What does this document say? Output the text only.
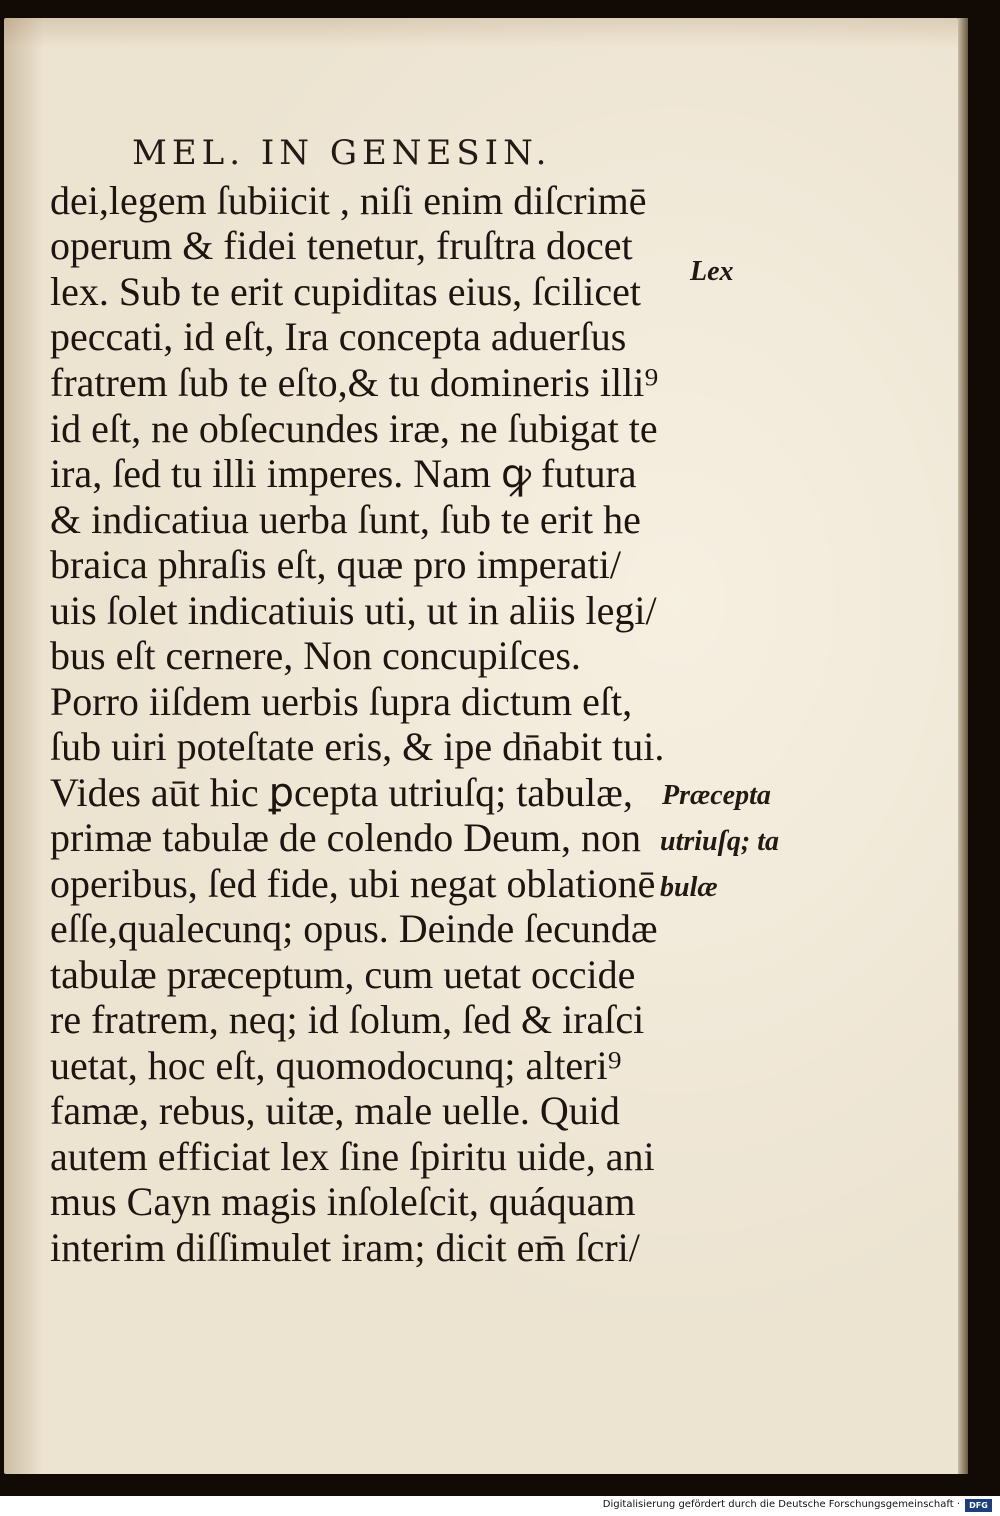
MEL. IN GENESIN.
dei,legem ſubiicit , niſi enim diſcrimē
operum & fidei tenetur, fruſtra docet
lex. Sub te erit cupiditas eius, ſcilicet
peccati, id eſt, Ira concepta aduerſus
fratrem ſub te eſto,& tu domineris illi⁹
id eſt, ne obſecundes iræ, ne ſubigat te
ira, ſed tu illi imperes. Nam ꝙ futura
& indicatiua uerba ſunt, ſub te erit he
braica phraſis eſt, quæ pro imperati/
uis ſolet indicatiuis uti, ut in aliis legi/
bus eſt cernere, Non concupiſces.
Porro iiſdem uerbis ſupra dictum eſt,
ſub uiri poteſtate eris, & ipe dn̄abit tui.
Vides aūt hic ꝑcepta utriuſq; tabulæ,
primæ tabulæ de colendo Deum, non
operibus, ſed fide, ubi negat oblationē
eſſe,qualecunq; opus. Deinde ſecundæ
tabulæ præceptum, cum uetat occide
re fratrem, neq; id ſolum, ſed & iraſci
uetat, hoc eſt, quomodocunq; alteri⁹
famæ, rebus, uitæ, male uelle. Quid
autem efficiat lex ſine ſpiritu uide, ani
mus Cayn magis inſoleſcit, quáquam
interim diſſimulet iram; dicit em̄ ſcri/
Lex
Præcepta
utriuſq; ta
bulæ
Digitalisierung gefördert durch die Deutsche Forschungsgemeinschaft ·	DFG
